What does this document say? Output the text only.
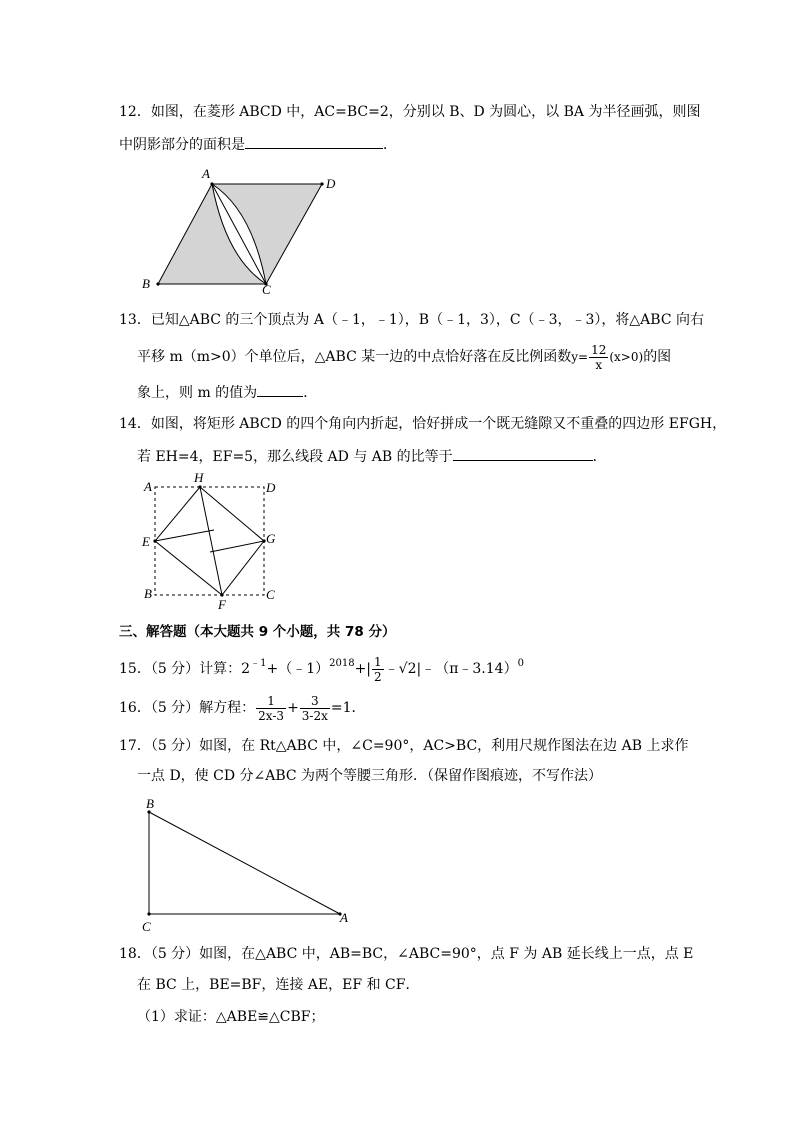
12．如图，在菱形 ABCD 中，AC=BC=2，分别以 B、D 为圆心，以 BA 为半径画弧，则图
中阴影部分的面积是	．
A
D
B	C
13．已知△ABC 的三个顶点为 A（﹣1，﹣1），B（﹣1，3），C（﹣3，﹣3），将△ABC 向右
平移 m（m>0）个单位后，△ABC 某一边的中点恰好落在反比例函数$y= \frac{12}{x} (x>0)$的图
象上，则 m 的值为	．
14．如图，将矩形 ABCD 的四个角向内折起，恰好拼成一个既无缝隙又不重叠的四边形 EFGH，
若 EH=4，EF=5，那么线段 AD 与 AB 的比等于	．
A
H
D
E	G
B	C
F
三、解答题（本大题共 9 个小题，共 78 分）
15．（5 分）计算：$2^{﹣1}+(﹣1)^{2018}+| \frac{1}{2}$ ﹣√2|﹣（π﹣3.14）$^0$
16．（5 分）解方程： $\frac{1}{2x-3} + \frac{3}{3-2x} =1$．
17．（5 分）如图，在 Rt△ABC 中，∠C=90°，AC>BC，利用尺规作图法在边 AB 上求作
一点 D，使 CD 分∠ABC 为两个等腰三角形．（保留作图痕迹，不写作法）
B
C
A
18．（5 分）如图，在△ABC 中，AB=BC，∠ABC=90°，点 F 为 AB 延长线上一点，点 E
在 BC 上，BE=BF，连接 AE，EF 和 CF．
（1）求证：△ABE≌△CBF；
